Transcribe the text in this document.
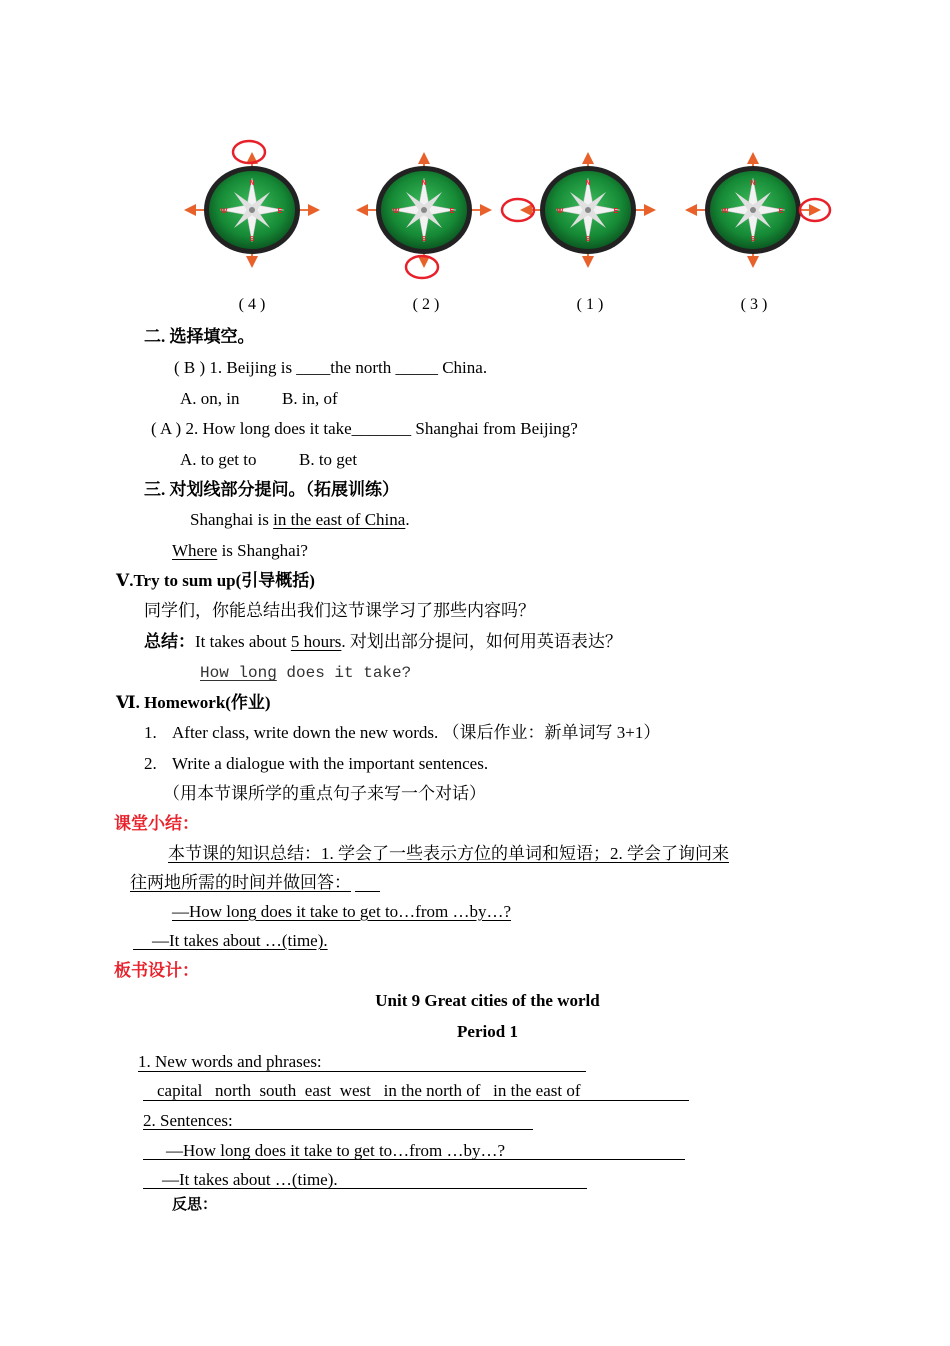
N
S
W	E
N
S
W	E
N
S
W	E
N
S
W	E
( 4 )	( 2 )	( 1 )	( 3 )
二. 选择填空。
( B ) 1. Beijing is ____the north _____ China.
A. on, in          B. in, of
( A ) 2. How long does it take_______ Shanghai from Beijing?
A. to get to          B. to get
三. 对划线部分提问。（拓展训练）
Shanghai is in the east of China.
Where is Shanghai?
Ⅴ.Try to sum up(引导概括)
同学们，你能总结出我们这节课学习了那些内容吗？
总结：It takes about 5 hours. 对划出部分提问，如何用英语表达？
How long does it take?
Ⅵ. Homework(作业)
1. After class, write down the new words. （课后作业：新单词写 3+1）
2. Write a dialogue with the important sentences.
（用本节课所学的重点句子来写一个对话）
课堂小结：
本节课的知识总结：1. 学会了一些表示方位的单词和短语；2. 学会了询问来
往两地所需的时间并做回答：
—How long does it take to get to…from …by…?
—It takes about …(time).
板书设计：
Unit 9 Great cities of the world
Period 1
1. New words and phrases:
capital   north  south  east  west   in the north of   in the east of
2. Sentences:
—How long does it take to get to…from …by…?
—It takes about …(time).
反思：
